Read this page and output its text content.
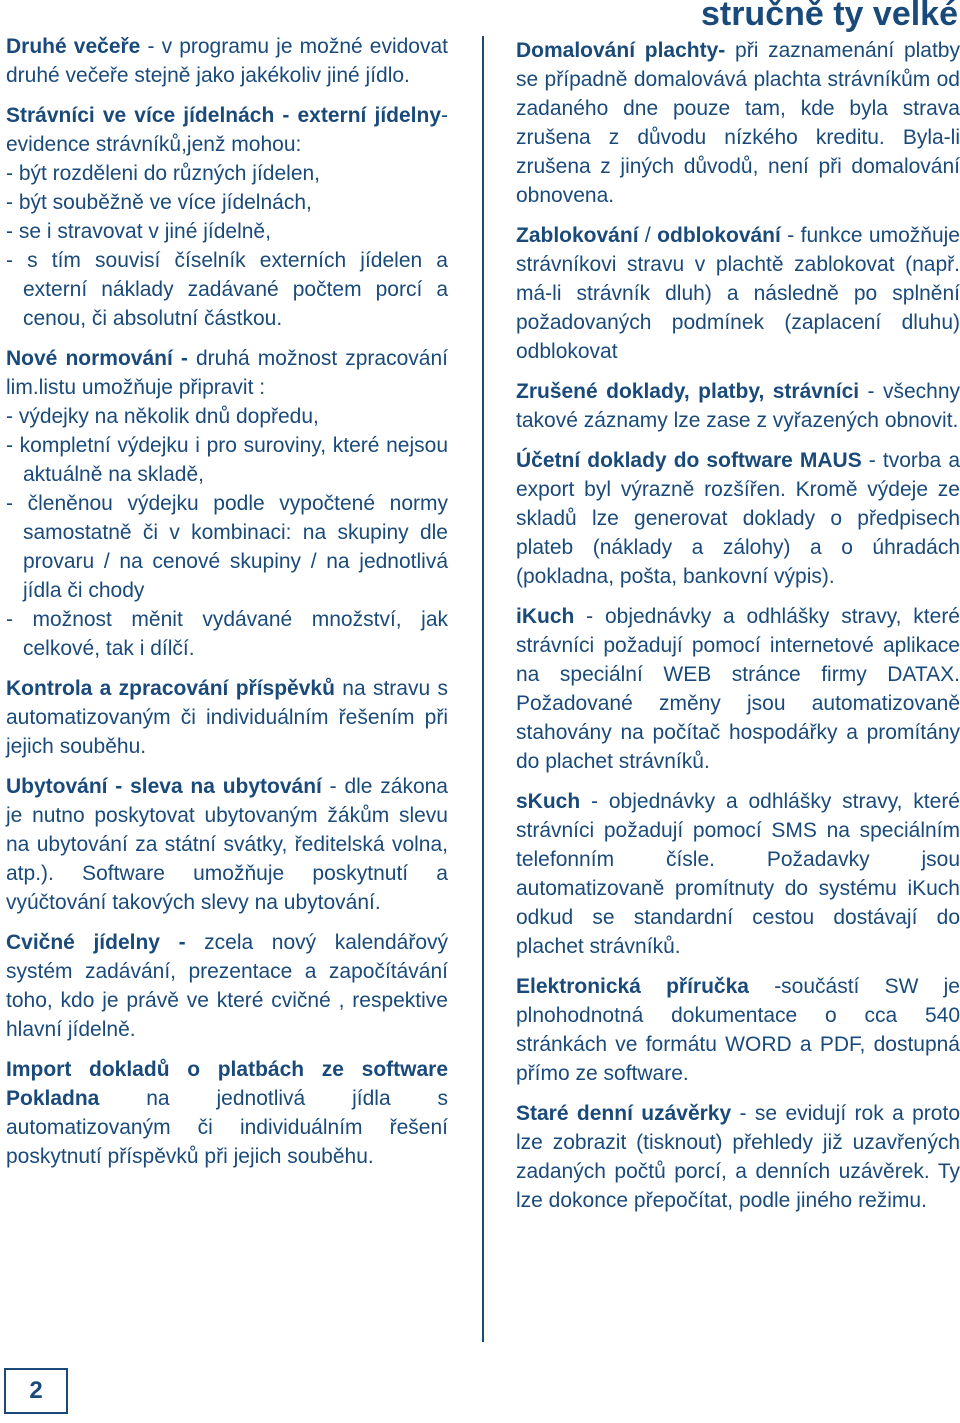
stručně ty velké

Druhé večeře - v programu je možné evidovat druhé večeře stejně jako jakékoliv jiné jídlo.

Strávníci ve více jídelnách - externí jídelny-evidence strávníků,jenž mohou:
- být rozděleni do různých jídelen,
- být souběžně ve více jídelnách,
- se i stravovat v jiné jídelně,
- s tím souvisí číselník externích jídelen a externí náklady zadávané počtem porcí a cenou, či absolutní částkou.

Nové normování - druhá možnost zpracování lim.listu umožňuje připravit :
- výdejky na několik dnů dopředu,
- kompletní výdejku i pro suroviny, které nejsou aktuálně na skladě,
- členěnou výdejku podle vypočtené normy samostatně či v kombinaci: na skupiny dle provaru / na cenové skupiny / na jednotlivá jídla či chody
- možnost měnit vydávané množství, jak celkové, tak i dílčí.

Kontrola a zpracování příspěvků na stravu s automatizovaným či individuálním řešením při jejich souběhu.

Ubytování - sleva na ubytování - dle zákona je nutno poskytovat ubytovaným žákům slevu na ubytování za státní svátky, ředitelská volna, atp.). Software umožňuje poskytnutí a vyúčtování takových slevy na ubytování.

Cvičné jídelny - zcela nový kalendářový systém zadávání, prezentace a započítávání toho, kdo je právě ve které cvičné , respektive hlavní jídelně.

Import dokladů o platbách ze software Pokladna na jednotlivá jídla s automatizovaným či individuálním řešení poskytnutí příspěvků při jejich souběhu.

Domalování plachty- při zaznamenání platby se případně domalovává plachta strávníkům od zadaného dne pouze tam, kde byla strava zrušena z důvodu nízkého kreditu. Byla-li zrušena z jiných důvodů, není při domalování obnovena.

Zablokování / odblokování - funkce umožňuje strávníkovi stravu v plachtě zablokovat (např. má-li strávník dluh) a následně po splnění požadovaných podmínek (zaplacení dluhu) odblokovat

Zrušené doklady, platby, strávníci - všechny takové záznamy lze zase z vyřazených obnovit.

Účetní doklady do software MAUS - tvorba a export byl výrazně rozšířen. Kromě výdeje ze skladů lze generovat doklady o předpisech plateb (náklady a zálohy) a o úhradách (pokladna, pošta, bankovní výpis).

iKuch - objednávky a odhlášky stravy, které strávníci požadují pomocí internetové aplikace na speciální WEB stránce firmy DATAX. Požadované změny jsou automatizovaně stahovány na počítač hospodářky a promítány do plachet strávníků.

sKuch - objednávky a odhlášky stravy, které strávníci požadují pomocí SMS na speciálním telefonním čísle. Požadavky jsou automatizovaně promítnuty do systému iKuch odkud se standardní cestou dostávají do plachet strávníků.

Elektronická příručka -součástí SW je plnohodnotná dokumentace o cca 540 stránkách ve formátu WORD a PDF, dostupná přímo ze software.

Staré denní uzávěrky - se evidují rok a proto lze zobrazit (tisknout) přehledy již uzavřených zadaných počtů porcí, a denních uzávěrek. Ty lze dokonce přepočítat, podle jiného režimu.

2
